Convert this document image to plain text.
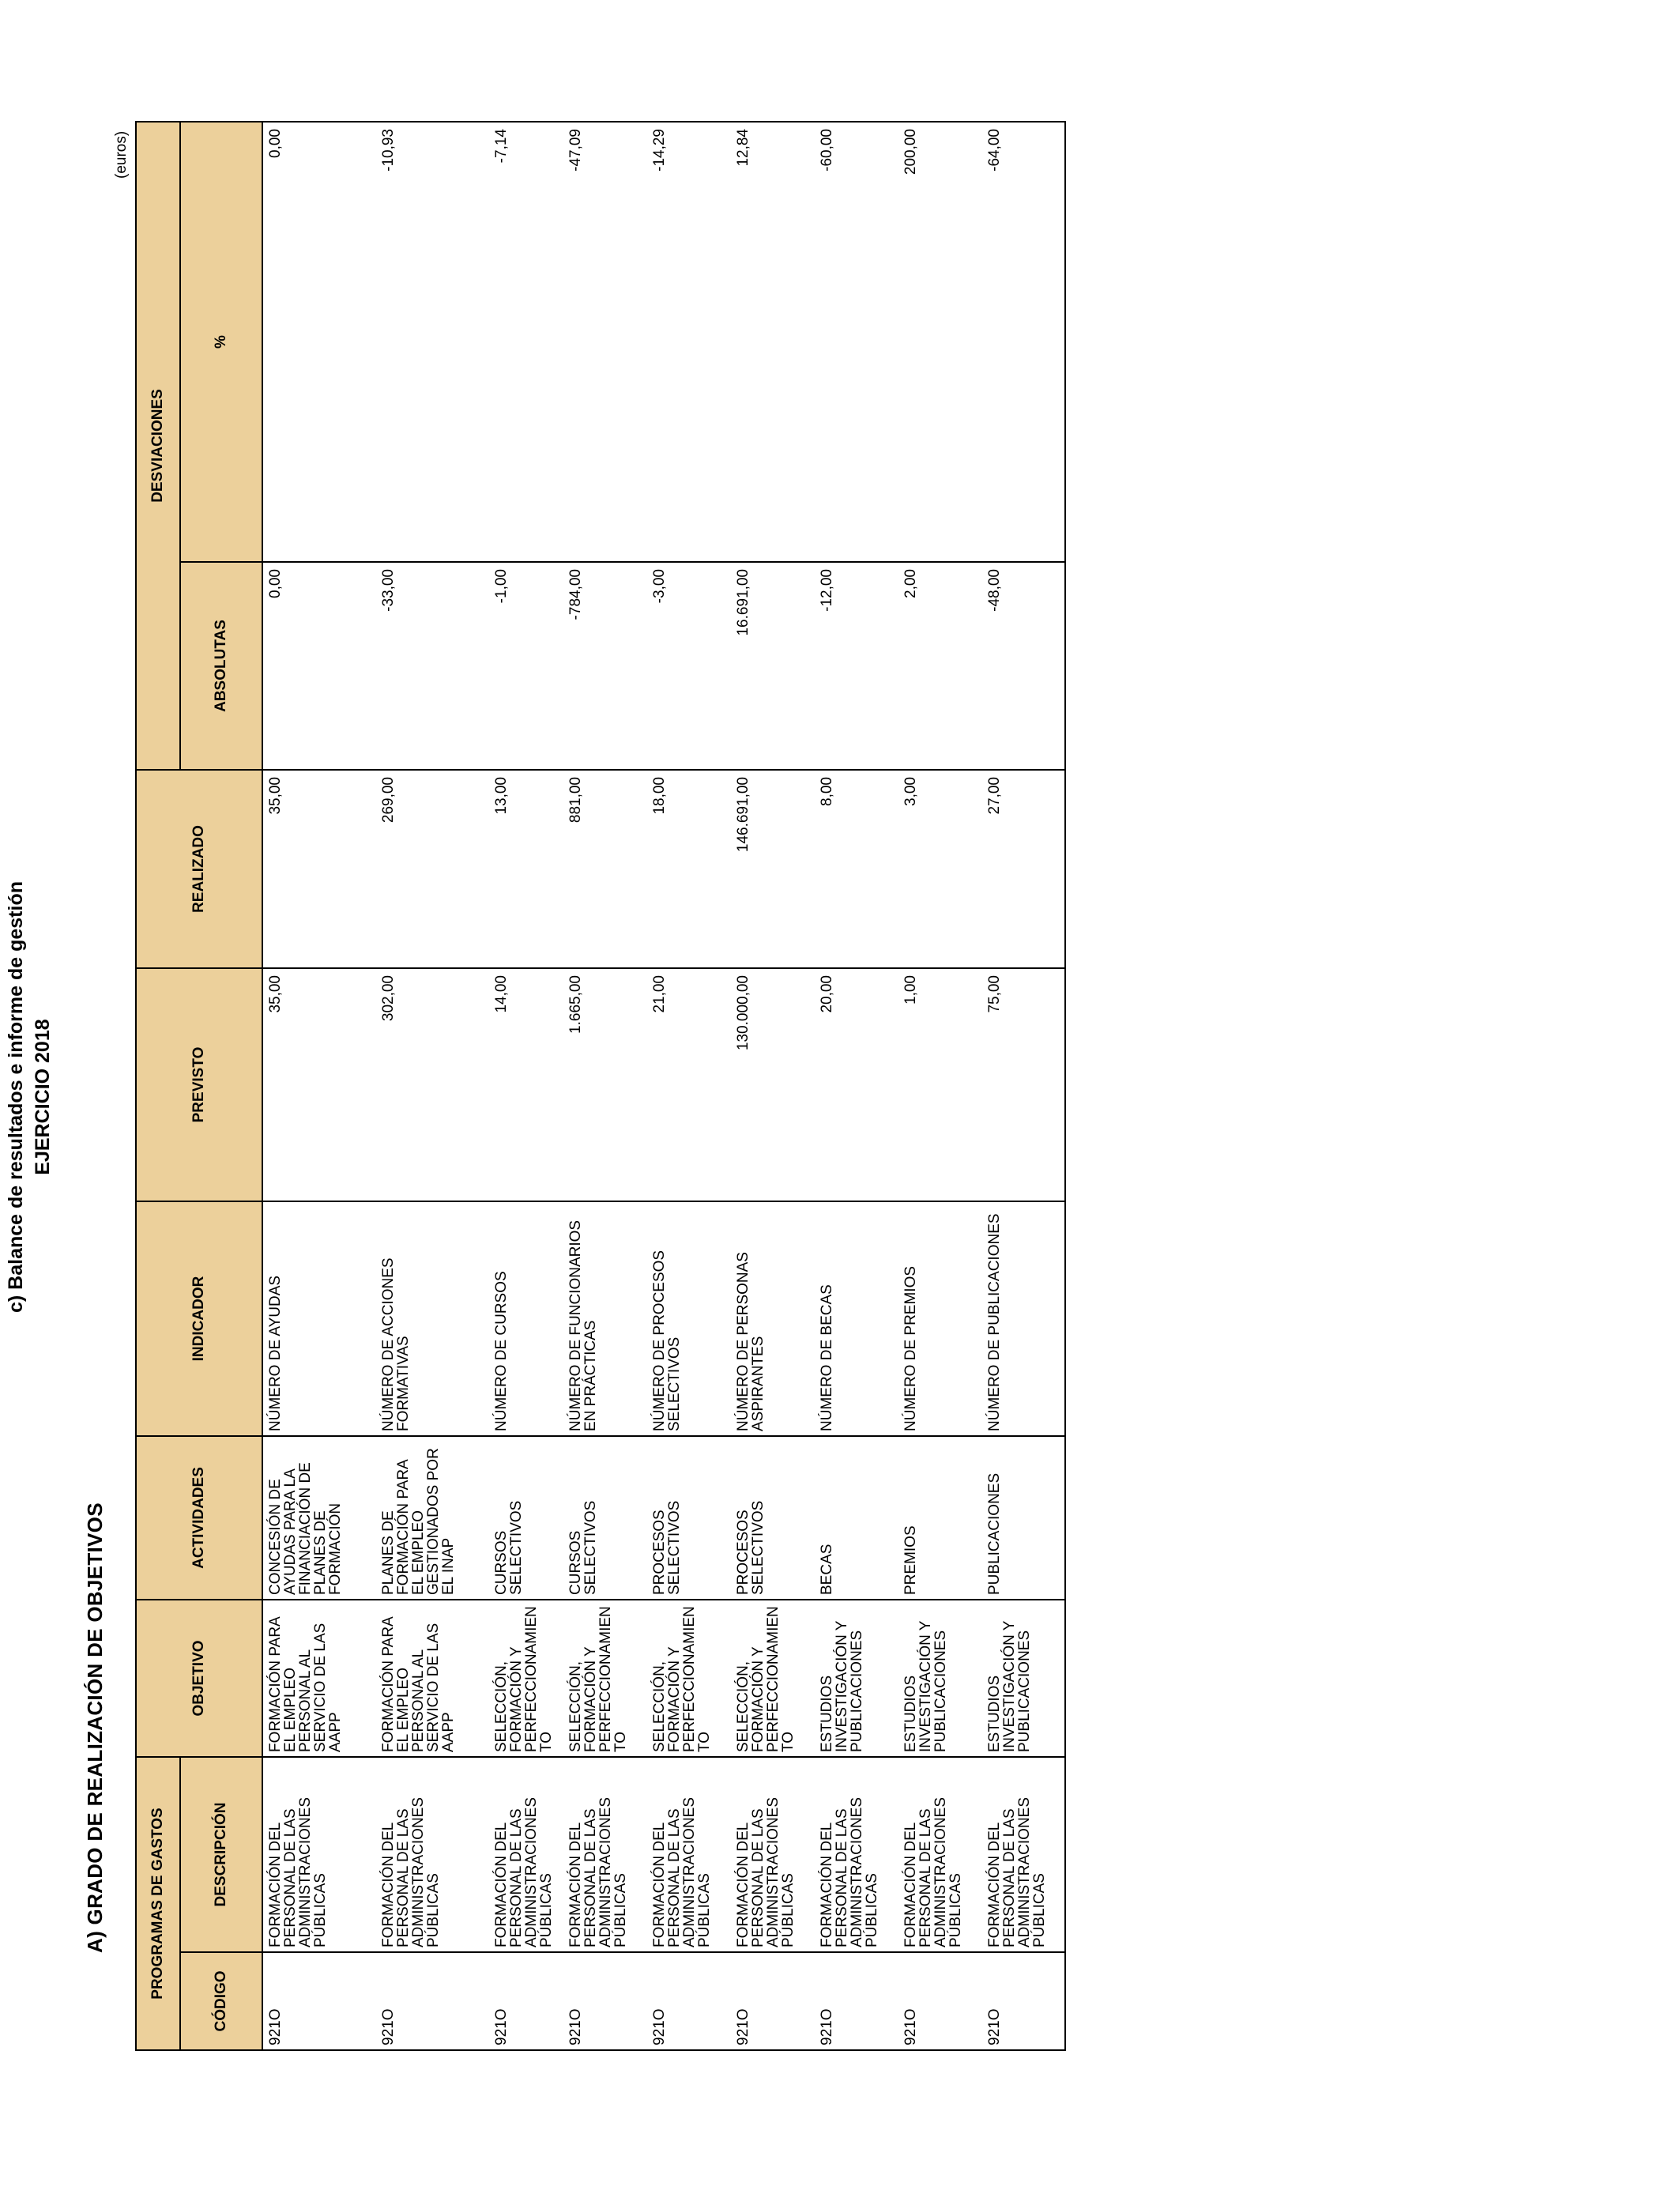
c) Balance de resultados e informe de gestión EJERCICIO 2018
A) GRADO DE REALIZACIÓN DE OBJETIVOS
(euros)
PROGRAMAS DE GASTOS		OBJETIVO	ACTIVIDADES	INDICADOR	PREVISTO	REALIZADO	DESVIACIONES	
CÓDIGO	DESCRIPCIÓN						ABSOLUTAS	%
921O	FORMACIÓN DEL PERSONAL DE LAS ADMINISTRACIONES PÚBLICAS	FORMACIÓN PARA EL EMPLEO PERSONAL AL SERVICIO DE LAS AAPP	CONCESIÓN DE AYUDAS PARA LA FINANCIACIÓN DE PLANES DE FORMACIÓN	NÚMERO DE AYUDAS	35,00	35,00	0,00	0,00
921O	FORMACIÓN DEL PERSONAL DE LAS ADMINISTRACIONES PÚBLICAS	FORMACIÓN PARA EL EMPLEO PERSONAL AL SERVICIO DE LAS AAPP	PLANES DE FORMACIÓN PARA EL EMPLEO GESTIONADOS POR EL INAP	NÚMERO DE ACCIONES FORMATIVAS	302,00	269,00	-33,00	-10,93
921O	FORMACIÓN DEL PERSONAL DE LAS ADMINISTRACIONES PÚBLICAS	SELECCIÓN, FORMACIÓN Y PERFECCIONAMIENTO	CURSOS SELECTIVOS	NÚMERO DE CURSOS	14,00	13,00	-1,00	-7,14
921O	FORMACIÓN DEL PERSONAL DE LAS ADMINISTRACIONES PÚBLICAS	SELECCIÓN, FORMACIÓN Y PERFECCIONAMIENTO	CURSOS SELECTIVOS	NÚMERO DE FUNCIONARIOS EN PRÁCTICAS	1.665,00	881,00	-784,00	-47,09
921O	FORMACIÓN DEL PERSONAL DE LAS ADMINISTRACIONES PÚBLICAS	SELECCIÓN, FORMACIÓN Y PERFECCIONAMIENTO	PROCESOS SELECTIVOS	NÚMERO DE PROCESOS SELECTIVOS	21,00	18,00	-3,00	-14,29
921O	FORMACIÓN DEL PERSONAL DE LAS ADMINISTRACIONES PÚBLICAS	SELECCIÓN, FORMACIÓN Y PERFECCIONAMIENTO	PROCESOS SELECTIVOS	NÚMERO DE PERSONAS ASPIRANTES	130.000,00	146.691,00	16.691,00	12,84
921O	FORMACIÓN DEL PERSONAL DE LAS ADMINISTRACIONES PÚBLICAS	ESTUDIOS INVESTIGACIÓN Y PUBLICACIONES	BECAS	NÚMERO DE BECAS	20,00	8,00	-12,00	-60,00
921O	FORMACIÓN DEL PERSONAL DE LAS ADMINISTRACIONES PÚBLICAS	ESTUDIOS INVESTIGACIÓN Y PUBLICACIONES	PREMIOS	NÚMERO DE PREMIOS	1,00	3,00	2,00	200,00
921O	FORMACIÓN DEL PERSONAL DE LAS ADMINISTRACIONES PÚBLICAS	ESTUDIOS INVESTIGACIÓN Y PUBLICACIONES	PUBLICACIONES	NÚMERO DE PUBLICACIONES	75,00	27,00	-48,00	-64,00
